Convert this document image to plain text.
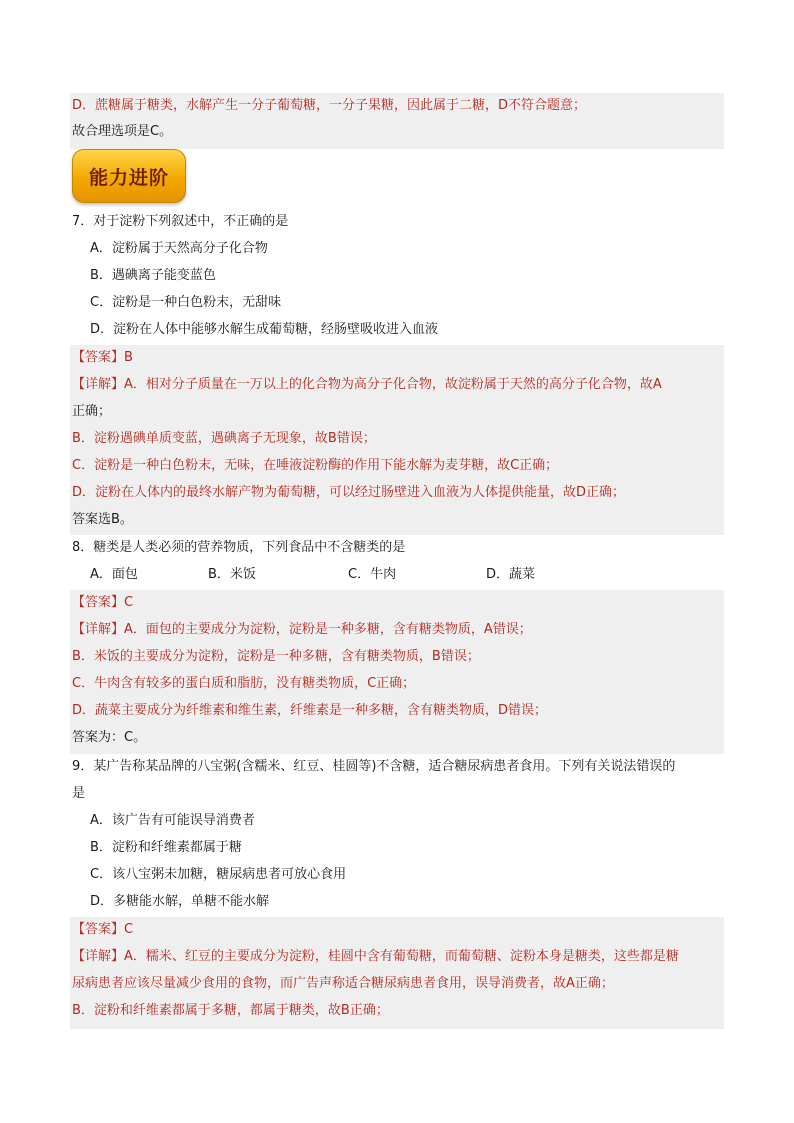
D．蔗糖属于糖类，水解产生一分子葡萄糖，一分子果糖，因此属于二糖，D不符合题意；
故合理选项是C。
能力进阶
7．对于淀粉下列叙述中，不正确的是
A．淀粉属于天然高分子化合物
B．遇碘离子能变蓝色
C．淀粉是一种白色粉末，无甜味
D．淀粉在人体中能够水解生成葡萄糖，经肠壁吸收进入血液
【答案】B
【详解】A．相对分子质量在一万以上的化合物为高分子化合物，故淀粉属于天然的高分子化合物，故A
正确；
B．淀粉遇碘单质变蓝，遇碘离子无现象，故B错误；
C．淀粉是一种白色粉末，无味，在唾液淀粉酶的作用下能水解为麦芽糖，故C正确；
D．淀粉在人体内的最终水解产物为葡萄糖，可以经过肠壁进入血液为人体提供能量，故D正确；
答案选B。
8．糖类是人类必须的营养物质，下列食品中不含糖类的是
A．面包	B．米饭	C．牛肉	D．蔬菜
【答案】C
【详解】A．面包的主要成分为淀粉，淀粉是一种多糖，含有糖类物质，A错误；
B．米饭的主要成分为淀粉，淀粉是一种多糖，含有糖类物质，B错误；
C．牛肉含有较多的蛋白质和脂肪，没有糖类物质，C正确；
D．蔬菜主要成分为纤维素和维生素，纤维素是一种多糖，含有糖类物质，D错误；
答案为：C。
9．某广告称某品牌的八宝粥(含糯米、红豆、桂圆等)不含糖，适合糖尿病患者食用。下列有关说法错误的
是
A．该广告有可能误导消费者
B．淀粉和纤维素都属于糖
C．该八宝粥未加糖，糖尿病患者可放心食用
D．多糖能水解，单糖不能水解
【答案】C
【详解】A．糯米、红豆的主要成分为淀粉，桂圆中含有葡萄糖，而葡萄糖、淀粉本身是糖类，这些都是糖
尿病患者应该尽量减少食用的食物，而广告声称适合糖尿病患者食用，误导消费者，故A正确；
B．淀粉和纤维素都属于多糖，都属于糖类，故B正确；
